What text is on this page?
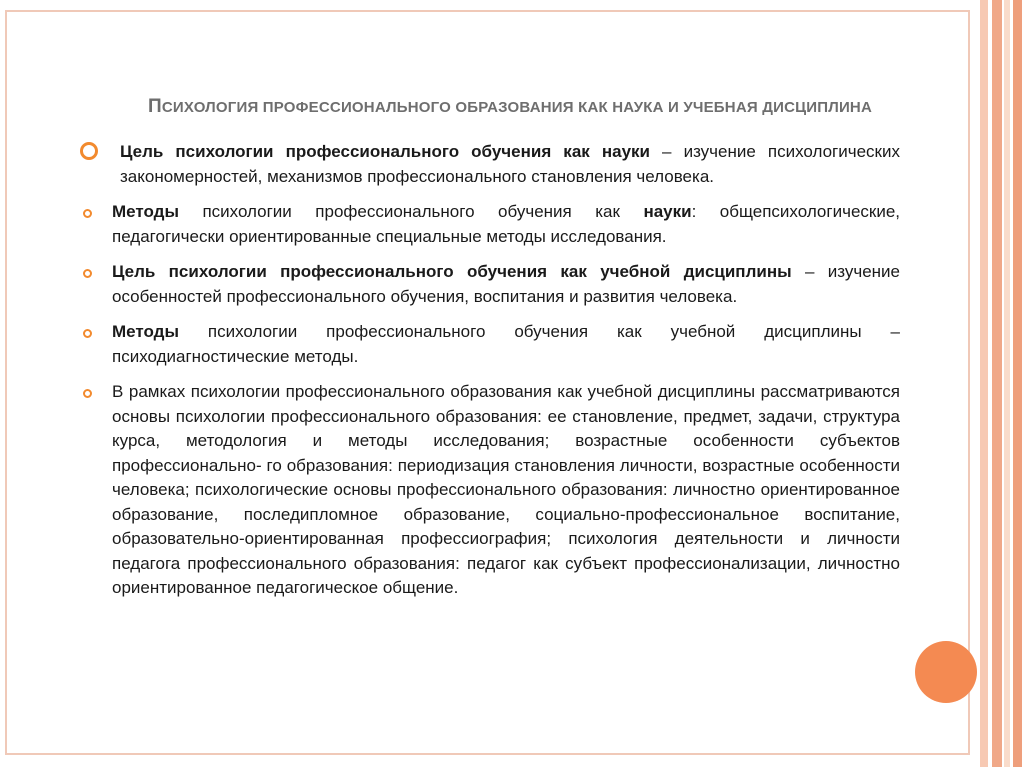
ПСИХОЛОГИЯ ПРОФЕССИОНАЛЬНОГО ОБРАЗОВАНИЯ КАК НАУКА И УЧЕБНАЯ ДИСЦИПЛИНА
Цель психологии профессионального обучения как науки – изучение психологических закономерностей, механизмов профессионального становления человека.
Методы психологии профессионального обучения как науки: общепсихологические, педагогически ориентированные специальные методы исследования.
Цель психологии профессионального обучения как учебной дисциплины – изучение особенностей профессионального обучения, воспитания и развития человека.
Методы психологии профессионального обучения как учебной дисциплины – психодиагностические методы.
В рамках психологии профессионального образования как учебной дисциплины рассматриваются основы психологии профессионального образования: ее становление, предмет, задачи, структура курса, методология и методы исследования; возрастные особенности субъектов профессионально- го образования: периодизация становления личности, возрастные особенности человека; психологические основы профессионального образования: личностно ориентированное образование, последипломное образование, социально-профессиональное воспитание, образовательно-ориентированная профессиография; психология деятельности и личности педагога профессионального образования: педагог как субъект профессионализации, личностно ориентированное педагогическое общение.
